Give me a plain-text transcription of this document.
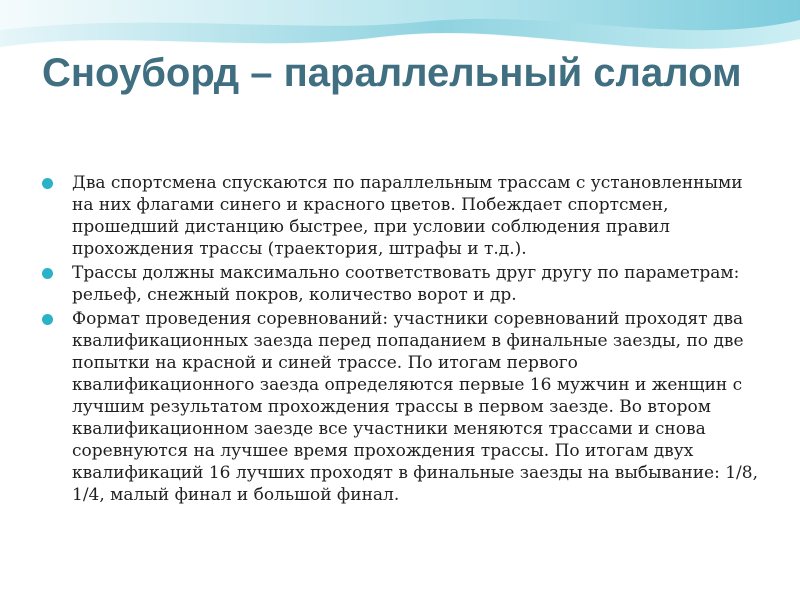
Сноуборд – параллельный слалом
Два спортсмена спускаются по параллельным трассам с установленными на них флагами синего и красного цветов. Побеждает спортсмен, прошедший дистанцию быстрее, при условии соблюдения правил прохождения трассы (траектория, штрафы и т.д.).
Трассы должны максимально соответствовать друг другу по параметрам: рельеф, снежный покров, количество ворот и др.
Формат проведения соревнований: участники соревнований проходят два квалификационных заезда перед попаданием в финальные заезды, по две попытки на красной и синей трассе. По итогам первого квалификационного заезда определяются первые 16 мужчин и женщин с лучшим результатом прохождения трассы в первом заезде. Во втором квалификационном заезде все участники меняются трассами и снова соревнуются на лучшее время прохождения трассы. По итогам двух квалификаций 16 лучших проходят в финальные заезды на выбывание: 1/8, 1/4, малый финал и большой финал.
